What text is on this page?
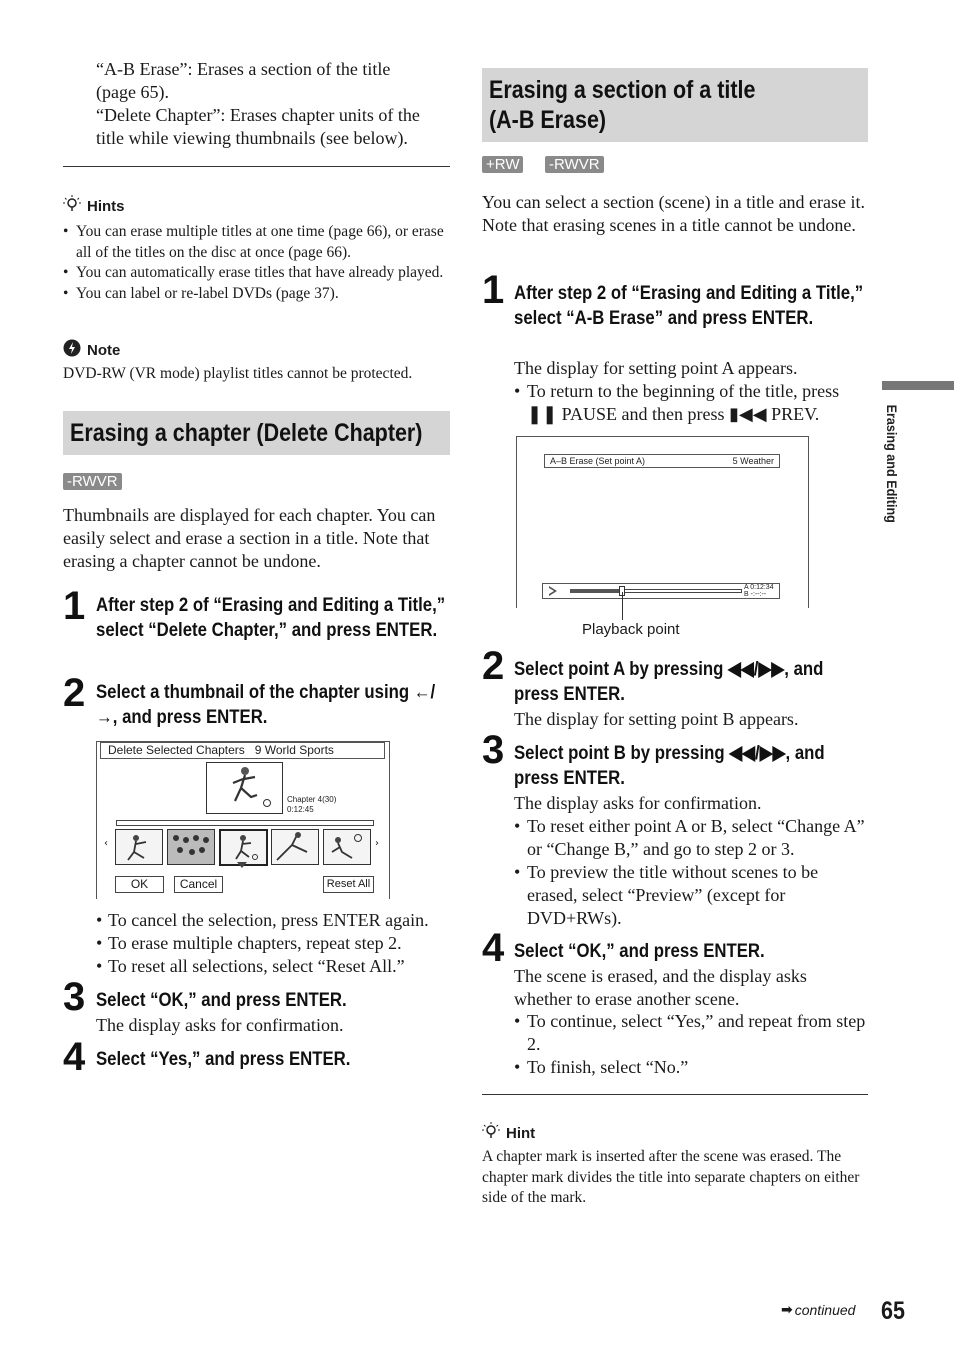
“A-B Erase”: Erases a section of the title
(page 65).
“Delete Chapter”: Erases chapter units of the
title while viewing thumbnails (see below).
Hints
• You can erase multiple titles at one time (page 66), or erase all of the titles on the disc at once (page 66).
• You can automatically erase titles that have already played.
• You can label or re-label DVDs (page 37).
Note
DVD-RW (VR mode) playlist titles cannot be protected.
Erasing a chapter (Delete Chapter)
-RWVR
Thumbnails are displayed for each chapter. You can easily select and erase a section in a title. Note that erasing a chapter cannot be undone.
1 After step 2 of “Erasing and Editing a Title,” select “Delete Chapter,” and press ENTER.
2 Select a thumbnail of the chapter using ←/→, and press ENTER.
Delete Selected Chapters 9 World Sports
Chapter 4(30)
0:12:45
‹	›
OK	Cancel	Reset All
• To cancel the selection, press ENTER again.
• To erase multiple chapters, repeat step 2.
• To reset all selections, select “Reset All.”
3 Select “OK,” and press ENTER.
The display asks for confirmation.
4 Select “Yes,” and press ENTER.
Erasing a section of a title
(A-B Erase)
+RW -RWVR
You can select a section (scene) in a title and erase it. Note that erasing scenes in a title cannot be undone.
1 After step 2 of “Erasing and Editing a Title,” select “A-B Erase” and press ENTER.
The display for setting point A appears.
• To return to the beginning of the title, press ❚❚ PAUSE and then press ▮◀◀ PREV.
A–B Erase (Set point A)	5 Weather
A 0:12:34
B -:--:--
Playback point
2 Select point A by pressing ◀◀/▶▶, and press ENTER.
The display for setting point B appears.
3 Select point B by pressing ◀◀/▶▶, and press ENTER.
The display asks for confirmation.
• To reset either point A or B, select “Change A” or “Change B,” and go to step 2 or 3.
• To preview the title without scenes to be erased, select “Preview” (except for DVD+RWs).
4 Select “OK,” and press ENTER.
The scene is erased, and the display asks whether to erase another scene.
• To continue, select “Yes,” and repeat from step 2.
• To finish, select “No.”
Hint
A chapter mark is inserted after the scene was erased. The chapter mark divides the title into separate chapters on either side of the mark.
Erasing and Editing
➡ continued 65
